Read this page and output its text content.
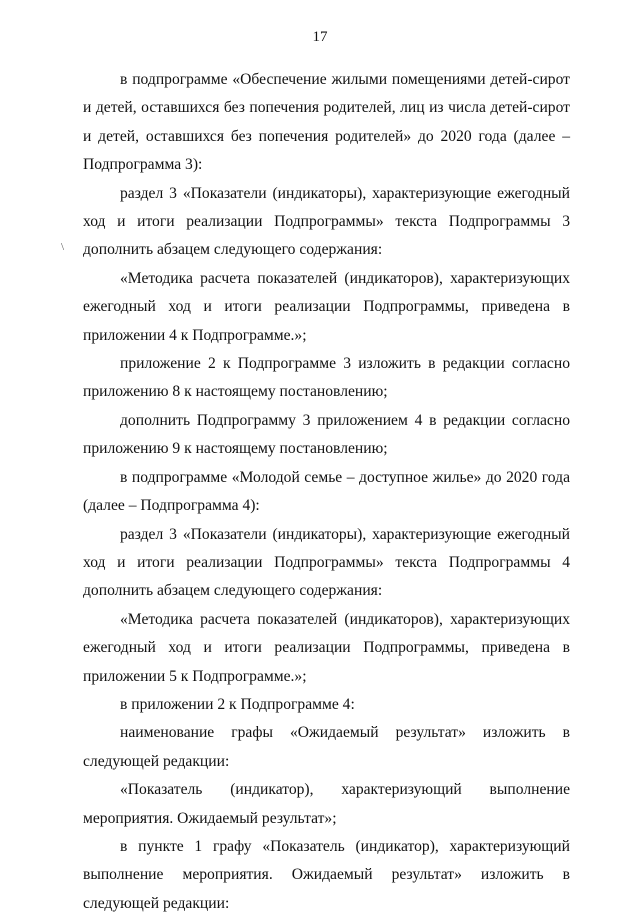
17
\

в подпрограмме «Обеспечение жилыми помещениями детей-сирот и детей, оставшихся без попечения родителей, лиц из числа детей-сирот и детей, оставшихся без попечения родителей» до 2020 года (далее – Подпрограмма 3):

раздел 3 «Показатели (индикаторы), характеризующие ежегодный ход и итоги реализации Подпрограммы» текста Подпрограммы 3 дополнить абзацем следующего содержания:

«Методика расчета показателей (индикаторов), характеризующих ежегодный ход и итоги реализации Подпрограммы, приведена в приложении 4 к Подпрограмме.»;

приложение 2 к Подпрограмме 3 изложить в редакции согласно приложению 8 к настоящему постановлению;

дополнить Подпрограмму 3 приложением 4 в редакции согласно приложению 9 к настоящему постановлению;

в подпрограмме «Молодой семье – доступное жилье» до 2020 года (далее – Подпрограмма 4):

раздел 3 «Показатели (индикаторы), характеризующие ежегодный ход и итоги реализации Подпрограммы» текста Подпрограммы 4 дополнить абзацем следующего содержания:

«Методика расчета показателей (индикаторов), характеризующих ежегодный ход и итоги реализации Подпрограммы, приведена в приложении 5 к Подпрограмме.»;

в приложении 2 к Подпрограмме 4:

наименование графы «Ожидаемый результат» изложить в следующей редакции:

«Показатель (индикатор), характеризующий выполнение мероприятия. Ожидаемый результат»;

в пункте 1 графу «Показатель (индикатор), характеризующий выполнение мероприятия. Ожидаемый результат» изложить в следующей редакции:
